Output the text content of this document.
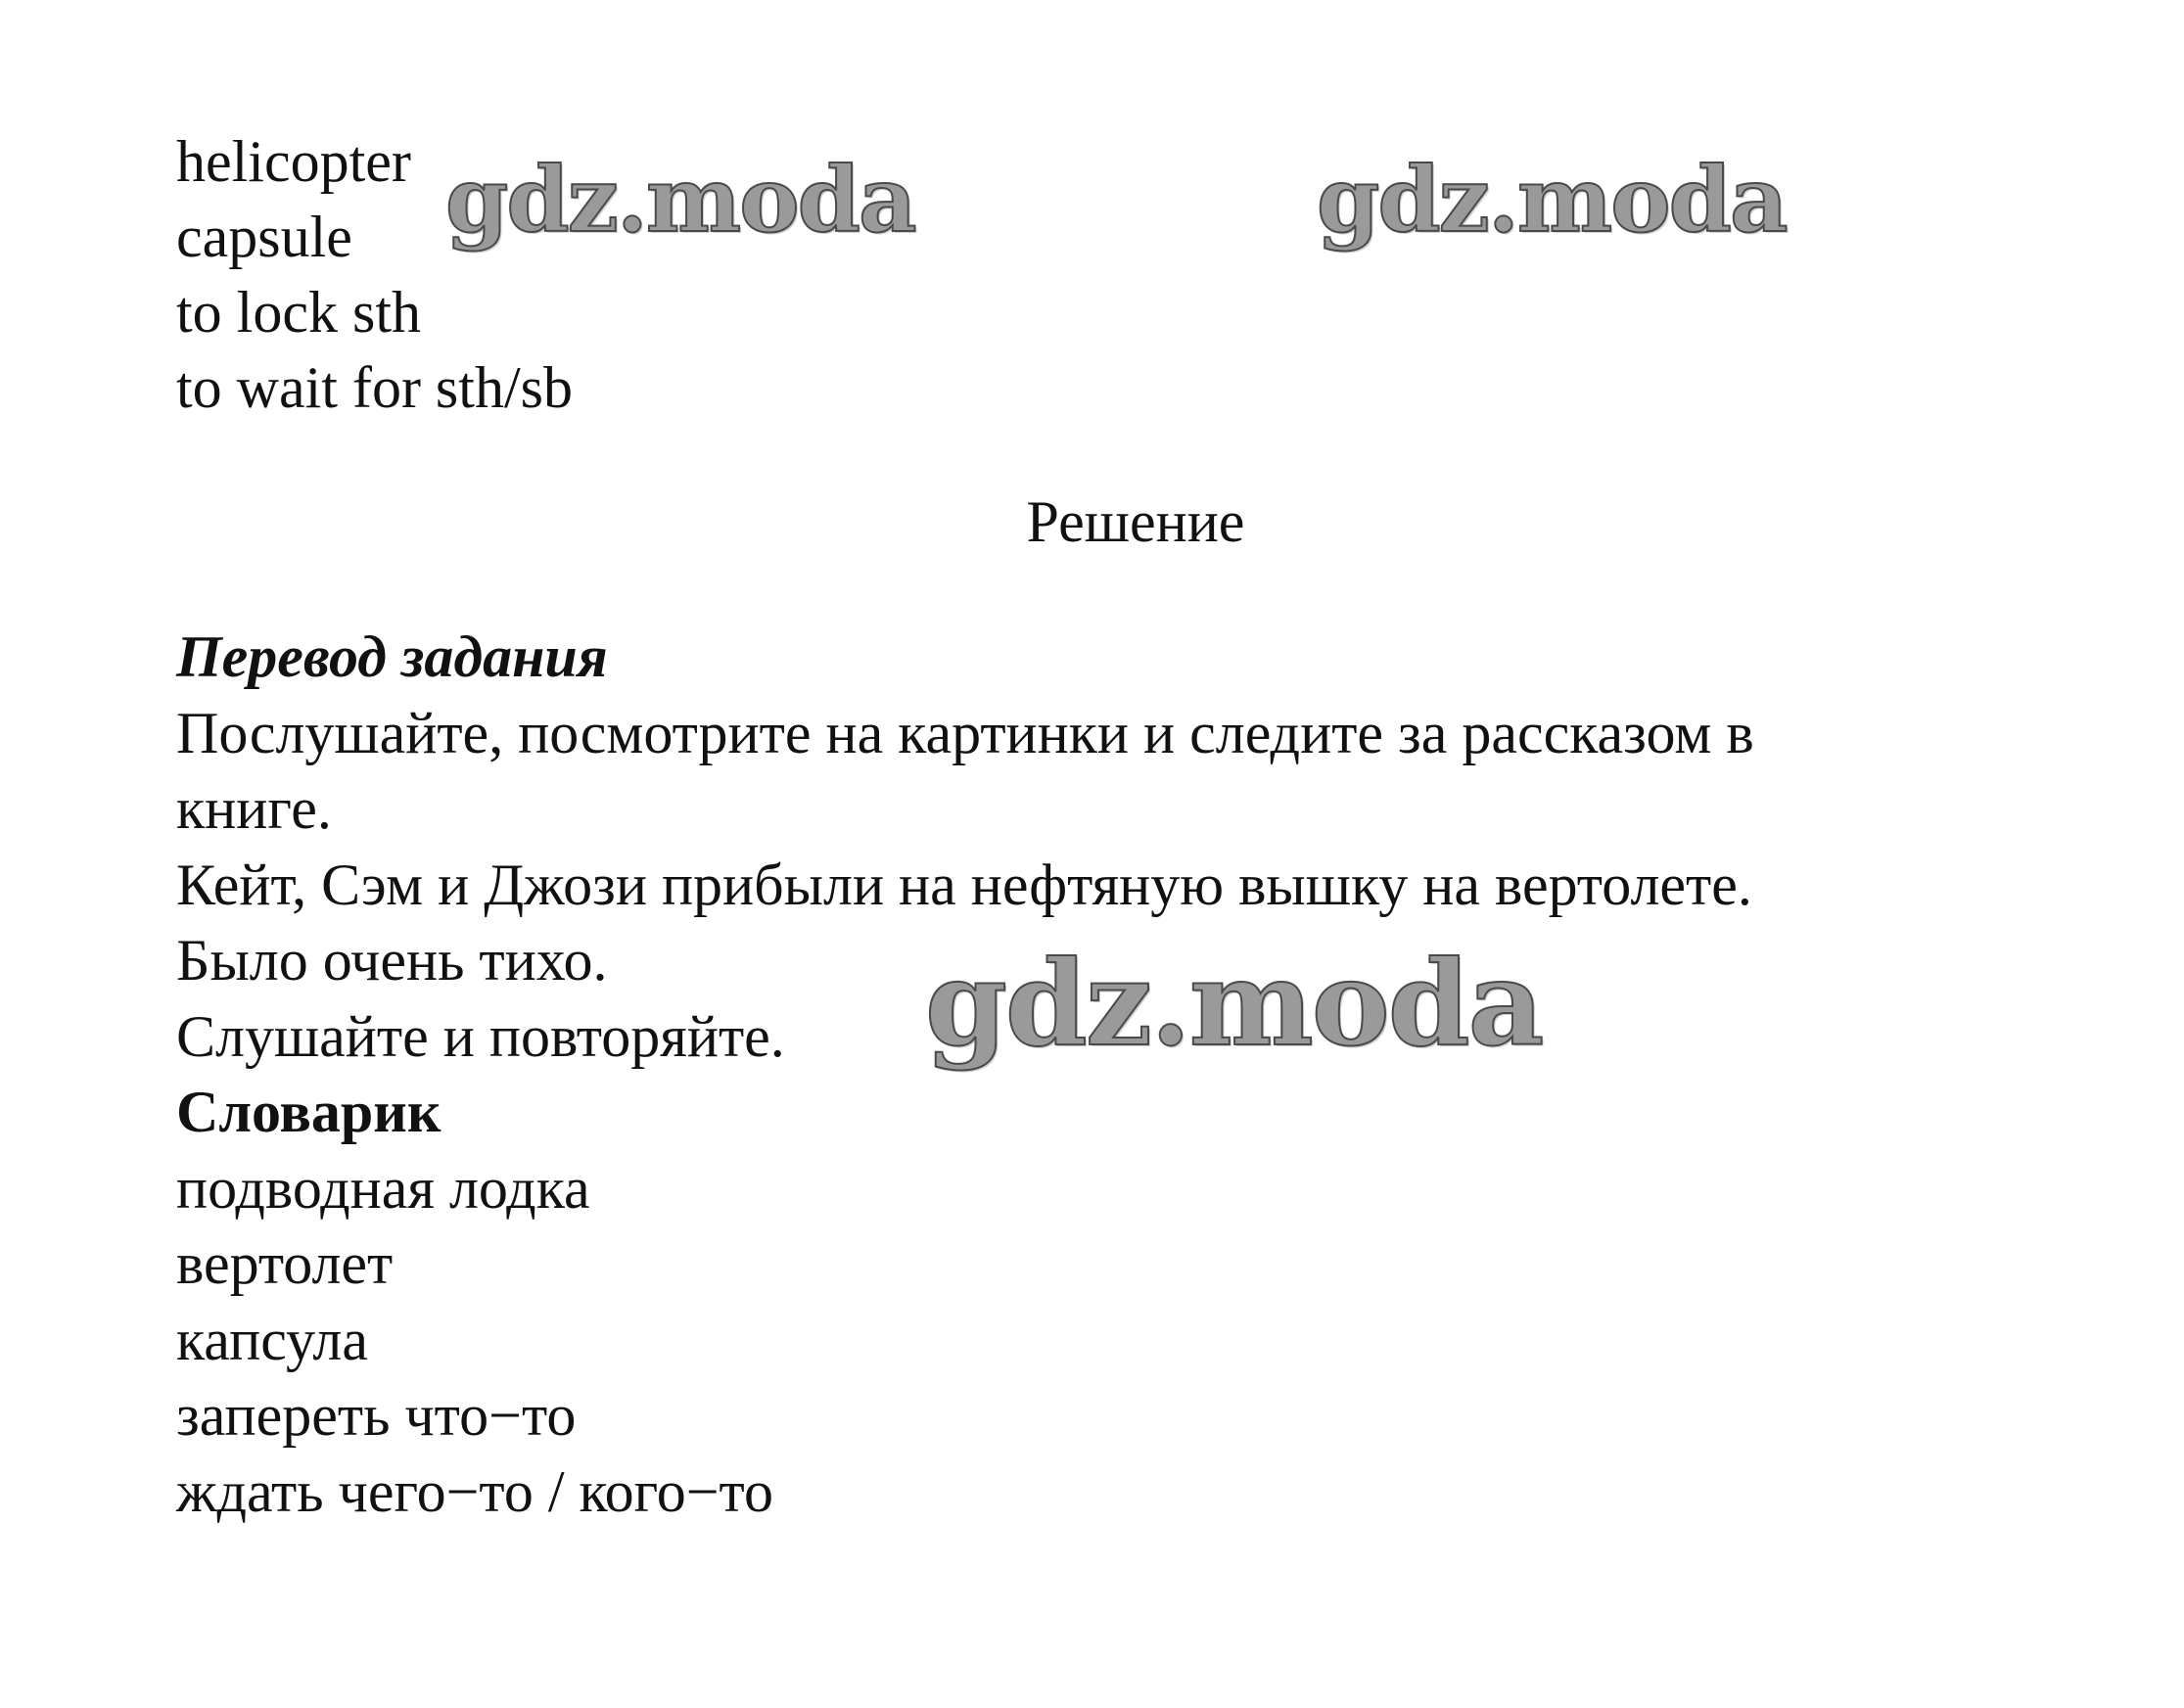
helicopter
capsule
to lock sth
to wait for sth/sb
Решение
Перевод задания
Послушайте, посмотрите на картинки и следите за рассказом в
книге.
Кейт, Сэм и Джози прибыли на нефтяную вышку на вертолете.
Было очень тихо.
Слушайте и повторяйте.
Словарик
подводная лодка
вертолет
капсула
запереть что−то
ждать чего−то / кого−то
gdz.moda	gdz.moda
gdz.moda
